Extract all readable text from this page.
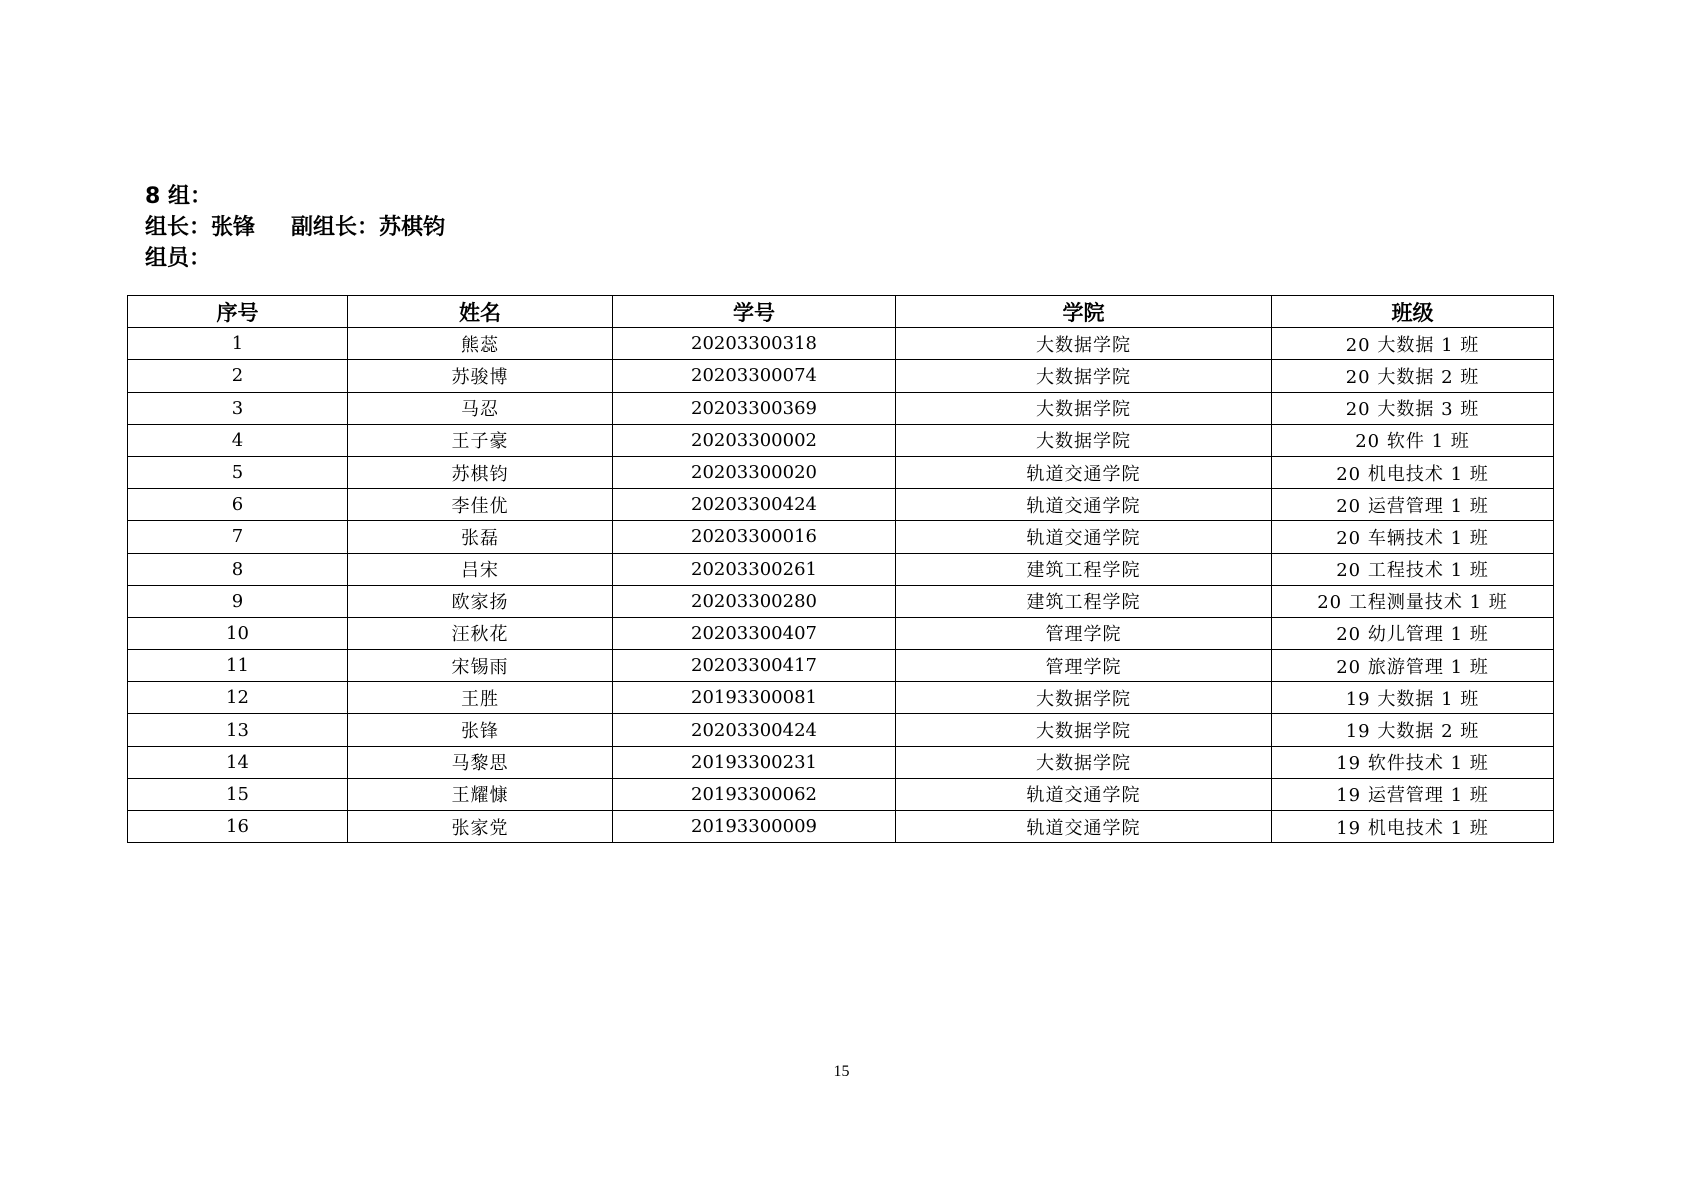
8 组：
组长：张锋 副组长：苏棋钧
组员：
序号	姓名	学号	学院	班级
1	熊蕊	20203300318	大数据学院	20 大数据 1 班
2	苏骏博	20203300074	大数据学院	20 大数据 2 班
3	马忍	20203300369	大数据学院	20 大数据 3 班
4	王子豪	20203300002	大数据学院	20 软件 1 班
5	苏棋钧	20203300020	轨道交通学院	20 机电技术 1 班
6	李佳优	20203300424	轨道交通学院	20 运营管理 1 班
7	张磊	20203300016	轨道交通学院	20 车辆技术 1 班
8	吕宋	20203300261	建筑工程学院	20 工程技术 1 班
9	欧家扬	20203300280	建筑工程学院	20 工程测量技术 1 班
10	汪秋花	20203300407	管理学院	20 幼儿管理 1 班
11	宋锡雨	20203300417	管理学院	20 旅游管理 1 班
12	王胜	20193300081	大数据学院	19 大数据 1 班
13	张锋	20203300424	大数据学院	19 大数据 2 班
14	马黎思	20193300231	大数据学院	19 软件技术 1 班
15	王耀慷	20193300062	轨道交通学院	19 运营管理 1 班
16	张家党	20193300009	轨道交通学院	19 机电技术 1 班
15
